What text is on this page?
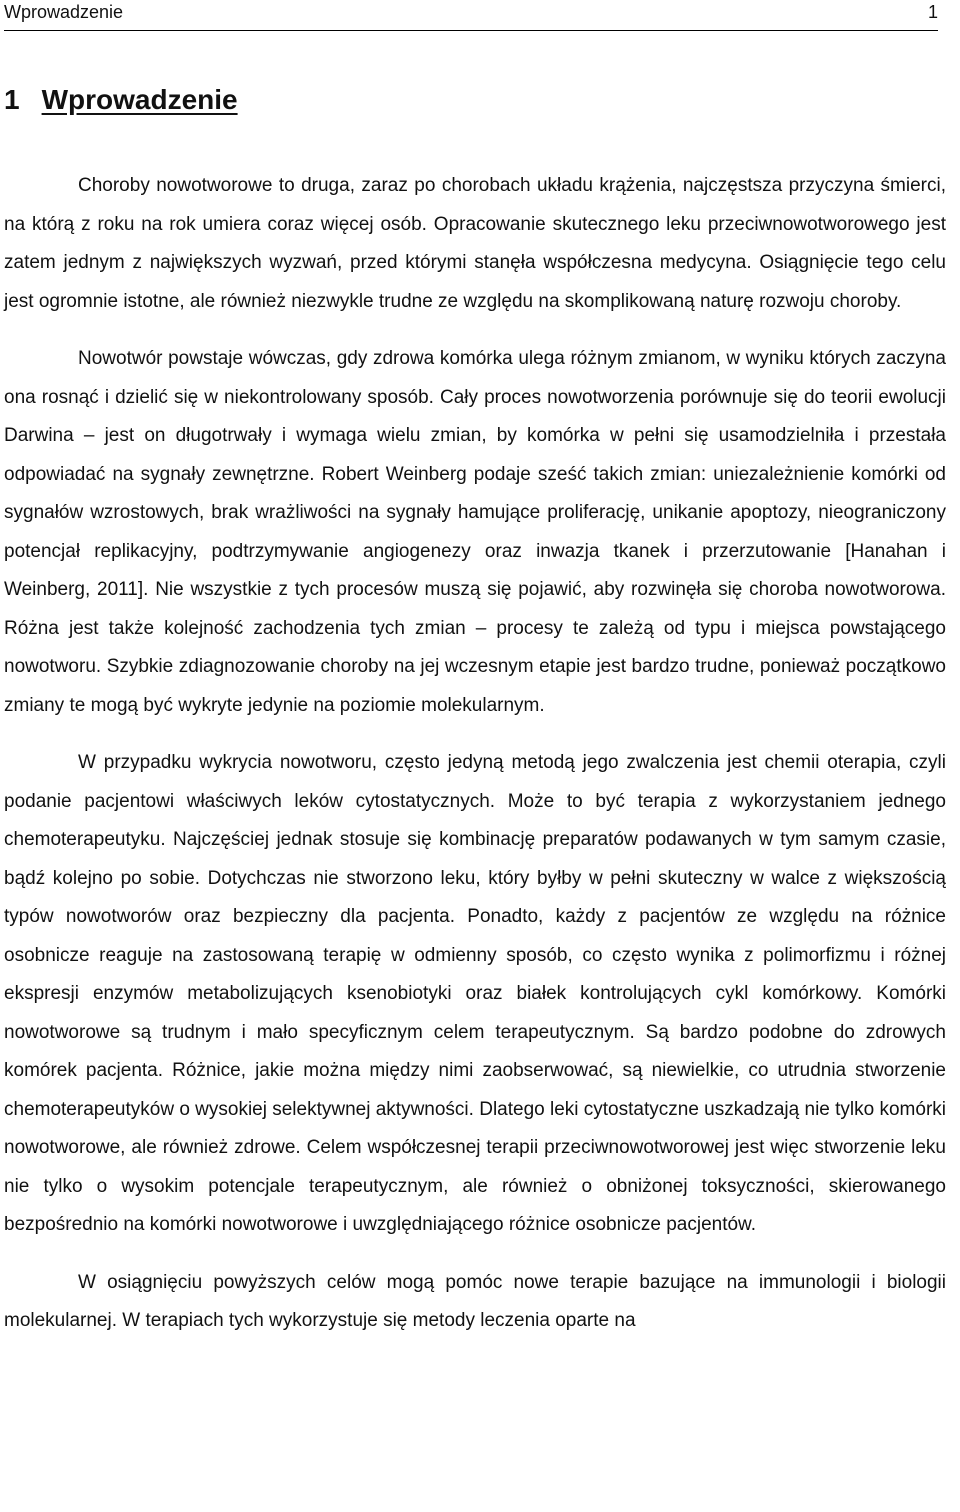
Wprowadzenie	1
1 Wprowadzenie

Choroby nowotworowe to druga, zaraz po chorobach układu krążenia, najczęstsza przyczyna śmierci, na którą z roku na rok umiera coraz więcej osób. Opracowanie skutecznego leku przeciwnowotworowego jest zatem jednym z największych wyzwań, przed którymi stanęła współczesna medycyna. Osiągnięcie tego celu jest ogromnie istotne, ale również niezwykle trudne ze względu na skomplikowaną naturę rozwoju choroby.

Nowotwór powstaje wówczas, gdy zdrowa komórka ulega różnym zmianom, w wyniku których zaczyna ona rosnąć i dzielić się w niekontrolowany sposób. Cały proces nowotworzenia porównuje się do teorii ewolucji Darwina – jest on długotrwały i wymaga wielu zmian, by komórka w pełni się usamodzielniła i przestała odpowiadać na sygnały zewnętrzne. Robert Weinberg podaje sześć takich zmian: uniezależnienie komórki od sygnałów wzrostowych, brak wrażliwości na sygnały hamujące proliferację, unikanie apoptozy, nieograniczony potencjał replikacyjny, podtrzymywanie angiogenezy oraz inwazja tkanek i przerzutowanie [Hanahan i Weinberg, 2011]. Nie wszystkie z tych procesów muszą się pojawić, aby rozwinęła się choroba nowotworowa. Różna jest także kolejność zachodzenia tych zmian – procesy te zależą od typu i miejsca powstającego nowotworu. Szybkie zdiagnozowanie choroby na jej wczesnym etapie jest bardzo trudne, ponieważ początkowo zmiany te mogą być wykryte jedynie na poziomie molekularnym.

W przypadku wykrycia nowotworu, często jedyną metodą jego zwalczenia jest chemii oterapia, czyli podanie pacjentowi właściwych leków cytostatycznych. Może to być terapia z wykorzystaniem jednego chemoterapeutyku. Najczęściej jednak stosuje się kombinację preparatów podawanych w tym samym czasie, bądź kolejno po sobie. Dotychczas nie stworzono leku, który byłby w pełni skuteczny w walce z większością typów nowotworów oraz bezpieczny dla pacjenta. Ponadto, każdy z pacjentów ze względu na różnice osobnicze reaguje na zastosowaną terapię w odmienny sposób, co często wynika z polimorfizmu i różnej ekspresji enzymów metabolizujących ksenobiotyki oraz białek kontrolujących cykl komórkowy. Komórki nowotworowe są trudnym i mało specyficznym celem terapeutycznym. Są bardzo podobne do zdrowych komórek pacjenta. Różnice, jakie można między nimi zaobserwować, są niewielkie, co utrudnia stworzenie chemoterapeutyków o wysokiej selektywnej aktywności. Dlatego leki cytostatyczne uszkadzają nie tylko komórki nowotworowe, ale również zdrowe. Celem współczesnej terapii przeciwnowotworowej jest więc stworzenie leku nie tylko o wysokim potencjale terapeutycznym, ale również o obniżonej toksyczności, skierowanego bezpośrednio na komórki nowotworowe i uwzględniającego różnice osobnicze pacjentów.

W osiągnięciu powyższych celów mogą pomóc nowe terapie bazujące na immunologii i biologii molekularnej. W terapiach tych wykorzystuje się metody leczenia oparte na
